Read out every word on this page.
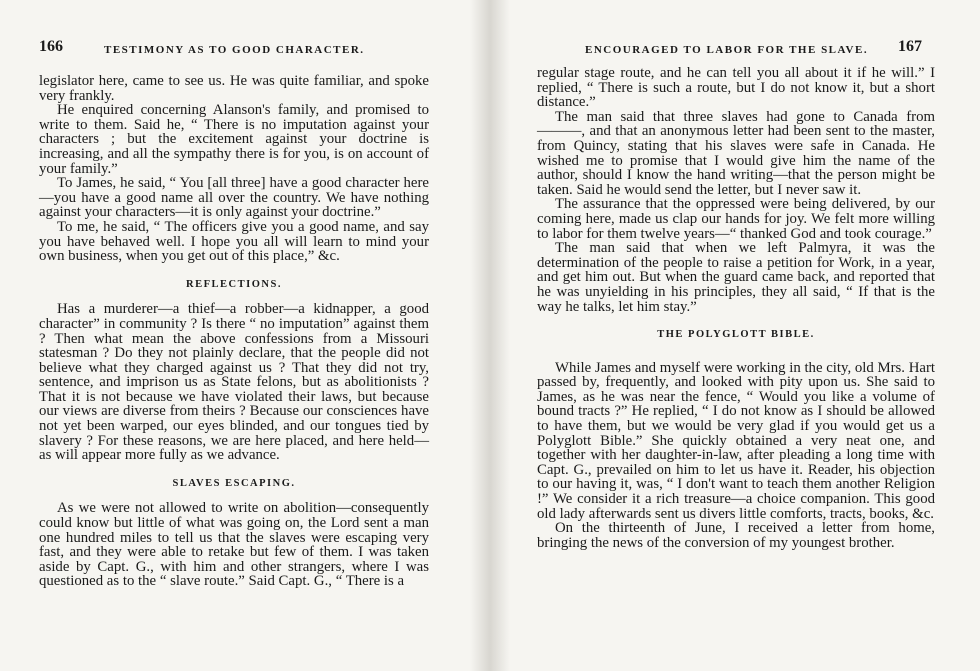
166	TESTIMONY AS TO GOOD CHARACTER.

legislator here, came to see us. He was quite familiar, and spoke very frankly.

He enquired concerning Alanson's family, and promised to write to them. Said he, “ There is no imputation against your characters ; but the excitement against your doctrine is increasing, and all the sympathy there is for you, is on account of your family.”

To James, he said, “ You [all three] have a good character here—you have a good name all over the country. We have nothing against your characters—it is only against your doctrine.”

To me, he said, “ The officers give you a good name, and say you have behaved well. I hope you all will learn to mind your own business, when you get out of this place,” &c.

REFLECTIONS.

Has a murderer—a thief—a robber—a kidnapper, a good character” in community ? Is there “ no imputation” against them ? Then what mean the above confessions from a Missouri statesman ? Do they not plainly declare, that the people did not believe what they charged against us ? That they did not try, sentence, and imprison us as State felons, but as abolitionists ? That it is not because we have violated their laws, but because our views are diverse from theirs ? Because our consciences have not yet been warped, our eyes blinded, and our tongues tied by slavery ? For these reasons, we are here placed, and here held—as will appear more fully as we advance.

SLAVES ESCAPING.

As we were not allowed to write on abolition—consequently could know but little of what was going on, the Lord sent a man one hundred miles to tell us that the slaves were escaping very fast, and they were able to retake but few of them. I was taken aside by Capt. G., with him and other strangers, where I was questioned as to the “ slave route.” Said Capt. G., “ There is a

ENCOURAGED TO LABOR FOR THE SLAVE. 167

regular stage route, and he can tell you all about it if he will.” I replied, “ There is such a route, but I do not know it, but a short distance.”

The man said that three slaves had gone to Canada from ———, and that an anonymous letter had been sent to the master, from Quincy, stating that his slaves were safe in Canada. He wished me to promise that I would give him the name of the author, should I know the hand writing—that the person might be taken. Said he would send the letter, but I never saw it.

The assurance that the oppressed were being delivered, by our coming here, made us clap our hands for joy. We felt more willing to labor for them twelve years—“ thanked God and took courage.”

The man said that when we left Palmyra, it was the determination of the people to raise a petition for Work, in a year, and get him out. But when the guard came back, and reported that he was unyielding in his principles, they all said, “ If that is the way he talks, let him stay.”

THE POLYGLOTT BIBLE.

While James and myself were working in the city, old Mrs. Hart passed by, frequently, and looked with pity upon us. She said to James, as he was near the fence, “ Would you like a volume of bound tracts ?” He replied, “ I do not know as I should be allowed to have them, but we would be very glad if you would get us a Polyglott Bible.” She quickly obtained a very neat one, and together with her daughter-in-law, after pleading a long time with Capt. G., prevailed on him to let us have it. Reader, his objection to our having it, was, “ I don't want to teach them another Religion !” We consider it a rich treasure—a choice companion. This good old lady afterwards sent us divers little comforts, tracts, books, &c.

On the thirteenth of June, I received a letter from home, bringing the news of the conversion of my youngest brother.
